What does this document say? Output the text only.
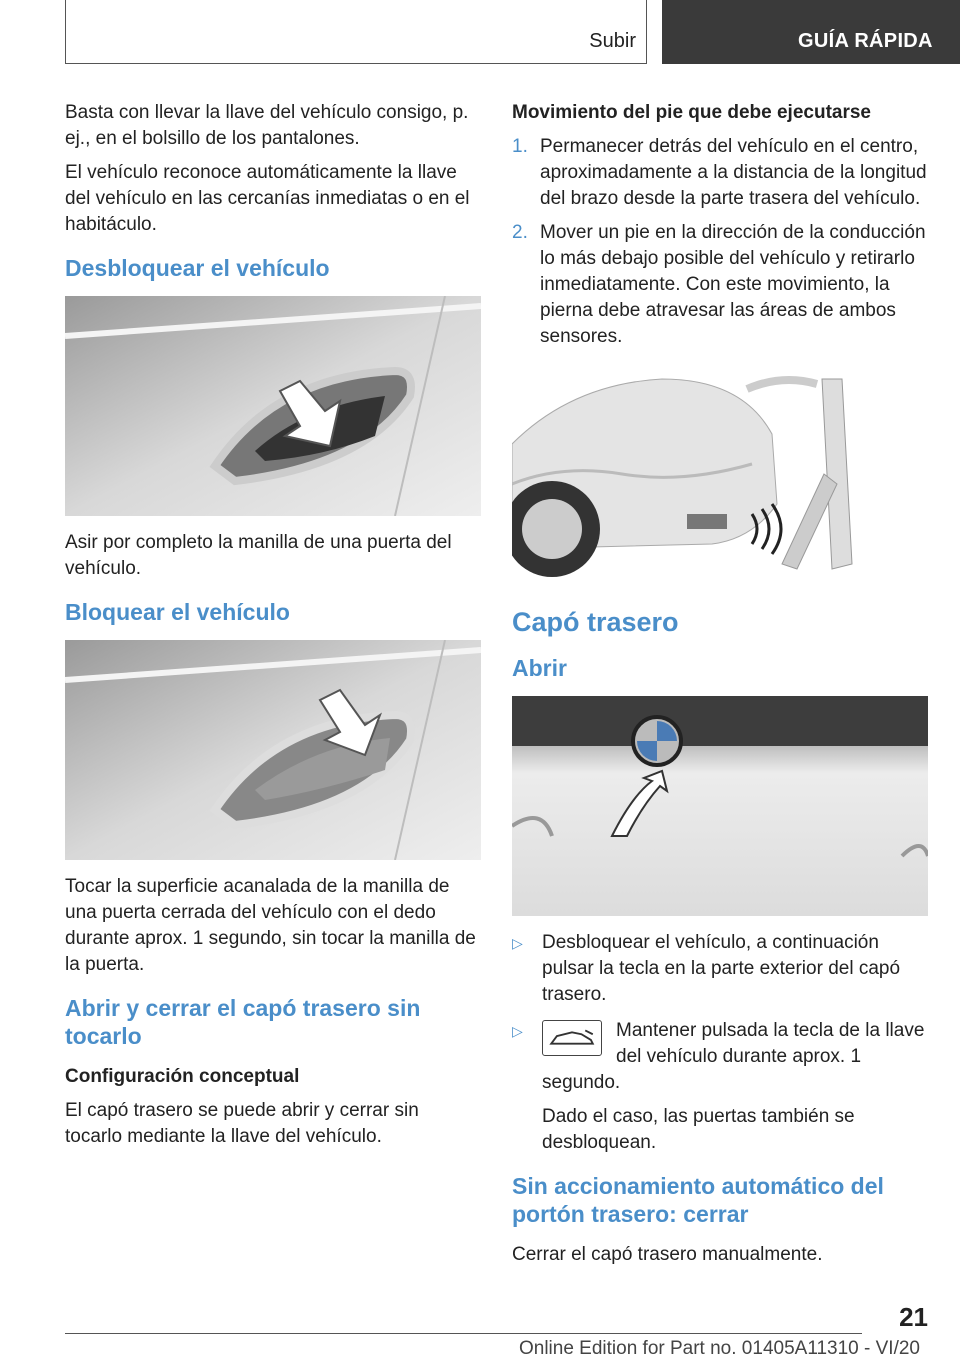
Subir	GUÍA RÁPIDA

Basta con llevar la llave del vehículo consigo, p. ej., en el bolsillo de los pantalones.

El vehículo reconoce automáticamente la llave del vehículo en las cercanías inmediatas o en el habitáculo.

Desbloquear el vehículo

Asir por completo la manilla de una puerta del vehículo.

Bloquear el vehículo

Tocar la superficie acanalada de la manilla de una puerta cerrada del vehículo con el dedo durante aprox. 1 segundo, sin tocar la manilla de la puerta.

Abrir y cerrar el capó trasero sin tocarlo
Configuración conceptual

El capó trasero se puede abrir y cerrar sin tocarlo mediante la llave del vehículo.

Movimiento del pie que debe ejecutarse
1. Permanecer detrás del vehículo en el centro, aproximadamente a la distancia de la longitud del brazo desde la parte trasera del vehículo.
2. Mover un pie en la dirección de la conducción lo más debajo posible del vehículo y retirarlo inmediatamente. Con este movimiento, la pierna debe atravesar las áreas de ambos sensores.
Capó trasero
Abrir
▷ Desbloquear el vehículo, a continuación pulsar la tecla en la parte exterior del capó trasero.
▷	Mantener pulsada la tecla de la llave del vehículo durante aprox. 1 segundo.

Dado el caso, las puertas también se desbloquean.

Sin accionamiento automático del portón trasero: cerrar

Cerrar el capó trasero manualmente.

21
Online Edition for Part no. 01405A11310 - VI/20
